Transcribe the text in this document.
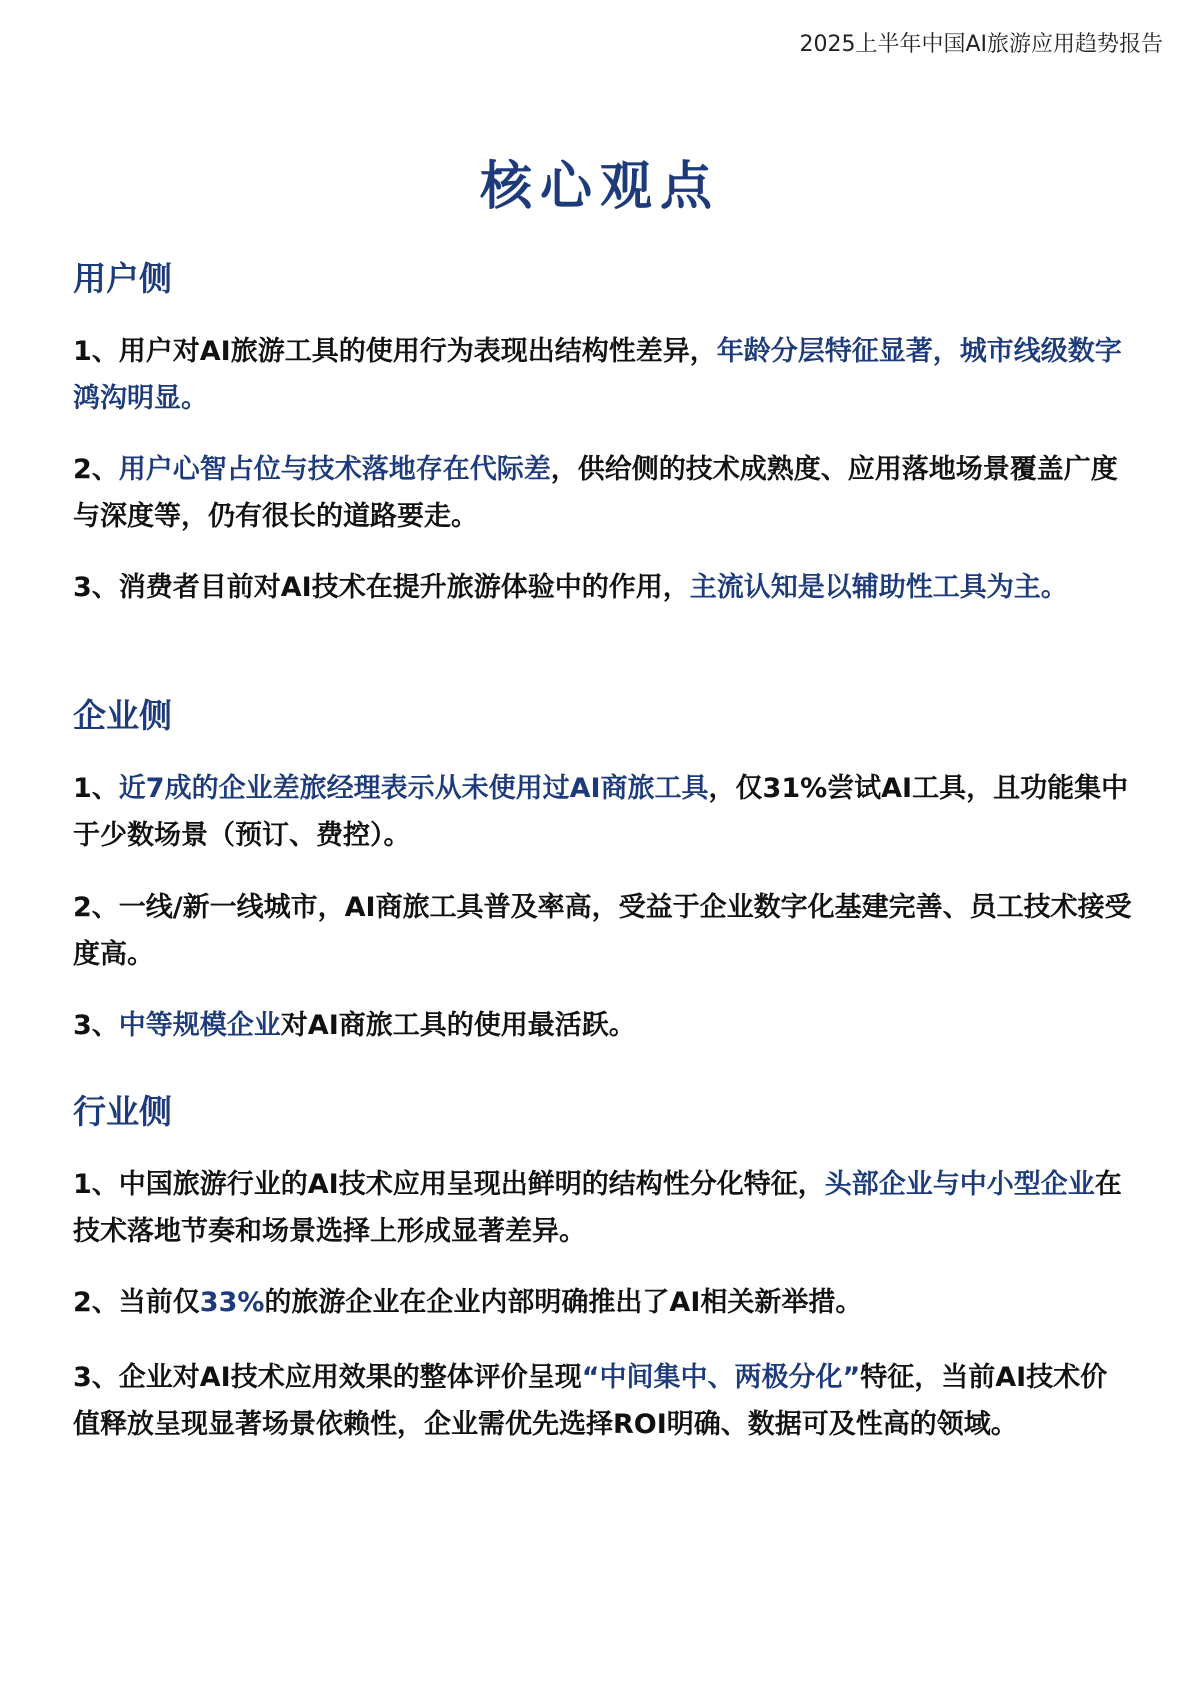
2025上半年中国AI旅游应用趋势报告
核心观点
用户侧
1、用户对AI旅游工具的使用行为表现出结构性差异，年龄分层特征显著，城市线级数字鸿沟明显。
2、用户心智占位与技术落地存在代际差，供给侧的技术成熟度、应用落地场景覆盖广度与深度等，仍有很长的道路要走。
3、消费者目前对AI技术在提升旅游体验中的作用，主流认知是以辅助性工具为主。
企业侧
1、近7成的企业差旅经理表示从未使用过AI商旅工具，仅31%尝试AI工具，且功能集中于少数场景（预订、费控）。
2、一线/新一线城市，AI商旅工具普及率高，受益于企业数字化基建完善、员工技术接受度高。
3、中等规模企业对AI商旅工具的使用最活跃。
行业侧
1、中国旅游行业的AI技术应用呈现出鲜明的结构性分化特征，头部企业与中小型企业在技术落地节奏和场景选择上形成显著差异。
2、当前仅33%的旅游企业在企业内部明确推出了AI相关新举措。
3、企业对AI技术应用效果的整体评价呈现“中间集中、两极分化”特征，当前AI技术价值释放呈现显著场景依赖性，企业需优先选择ROI明确、数据可及性高的领域。
